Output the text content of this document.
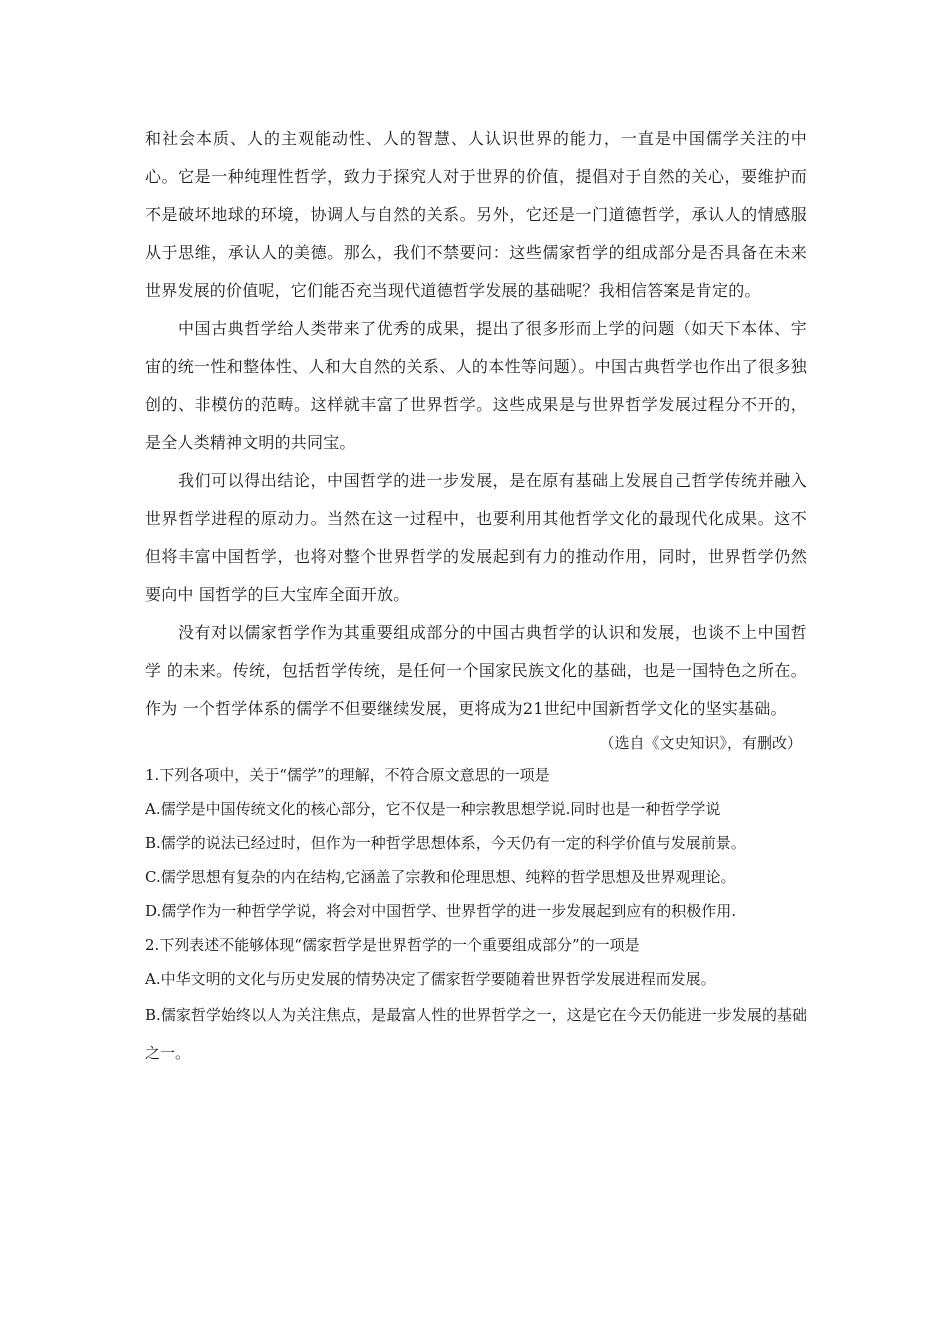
和社会本质、人的主观能动性、人的智慧、人认识世界的能力，一直是中国儒学关注的中心。它是一种纯理性哲学，致力于探究人对于世界的价值，提倡对于自然的关心，要维护而不是破坏地球的环境，协调人与自然的关系。另外，它还是一门道德哲学，承认人的情感服从于思维，承认人的美德。那么，我们不禁要问：这些儒家哲学的组成部分是否具备在未来世界发展的价值呢，它们能否充当现代道德哲学发展的基础呢？我相信答案是肯定的。

中国古典哲学给人类带来了优秀的成果，提出了很多形而上学的问题（如天下本体、宇宙的统一性和整体性、人和大自然的关系、人的本性等问题）。中国古典哲学也作出了很多独创的、非模仿的范畴。这样就丰富了世界哲学。这些成果是与世界哲学发展过程分不开的，是全人类精神文明的共同宝。

我们可以得出结论，中国哲学的进一步发展，是在原有基础上发展自己哲学传统并融入世界哲学进程的原动力。当然在这一过程中，也要利用其他哲学文化的最现代化成果。这不但将丰富中国哲学，也将对整个世界哲学的发展起到有力的推动作用，同时，世界哲学仍然要向中 国哲学的巨大宝库全面开放。

没有对以儒家哲学作为其重要组成部分的中国古典哲学的认识和发展，也谈不上中国哲学 的未来。传统，包括哲学传统，是任何一个国家民族文化的基础，也是一国特色之所在。作为 一个哲学体系的儒学不但要继续发展，更将成为21世纪中国新哲学文化的坚实基础。

（选自《文史知识》，有删改）

1.下列各项中，关于“儒学”的理解，不符合原文意思的一项是

A.儒学是中国传统文化的核心部分，它不仅是一种宗教思想学说.同时也是一种哲学学说

B.儒学的说法已经过时，但作为一种哲学思想体系，今天仍有一定的科学价值与发展前景。

C.儒学思想有复杂的内在结构,它涵盖了宗教和伦理思想、纯粹的哲学思想及世界观理论。

D.儒学作为一种哲学学说，将会对中国哲学、世界哲学的进一步发展起到应有的积极作用.

2.下列表述不能够体现“儒家哲学是世界哲学的一个重要组成部分”的一项是

A.中华文明的文化与历史发展的情势决定了儒家哲学要随着世界哲学发展进程而发展。

B.儒家哲学始终以人为关注焦点，是最富人性的世界哲学之一，这是它在今天仍能进一步发展的基础之一。
